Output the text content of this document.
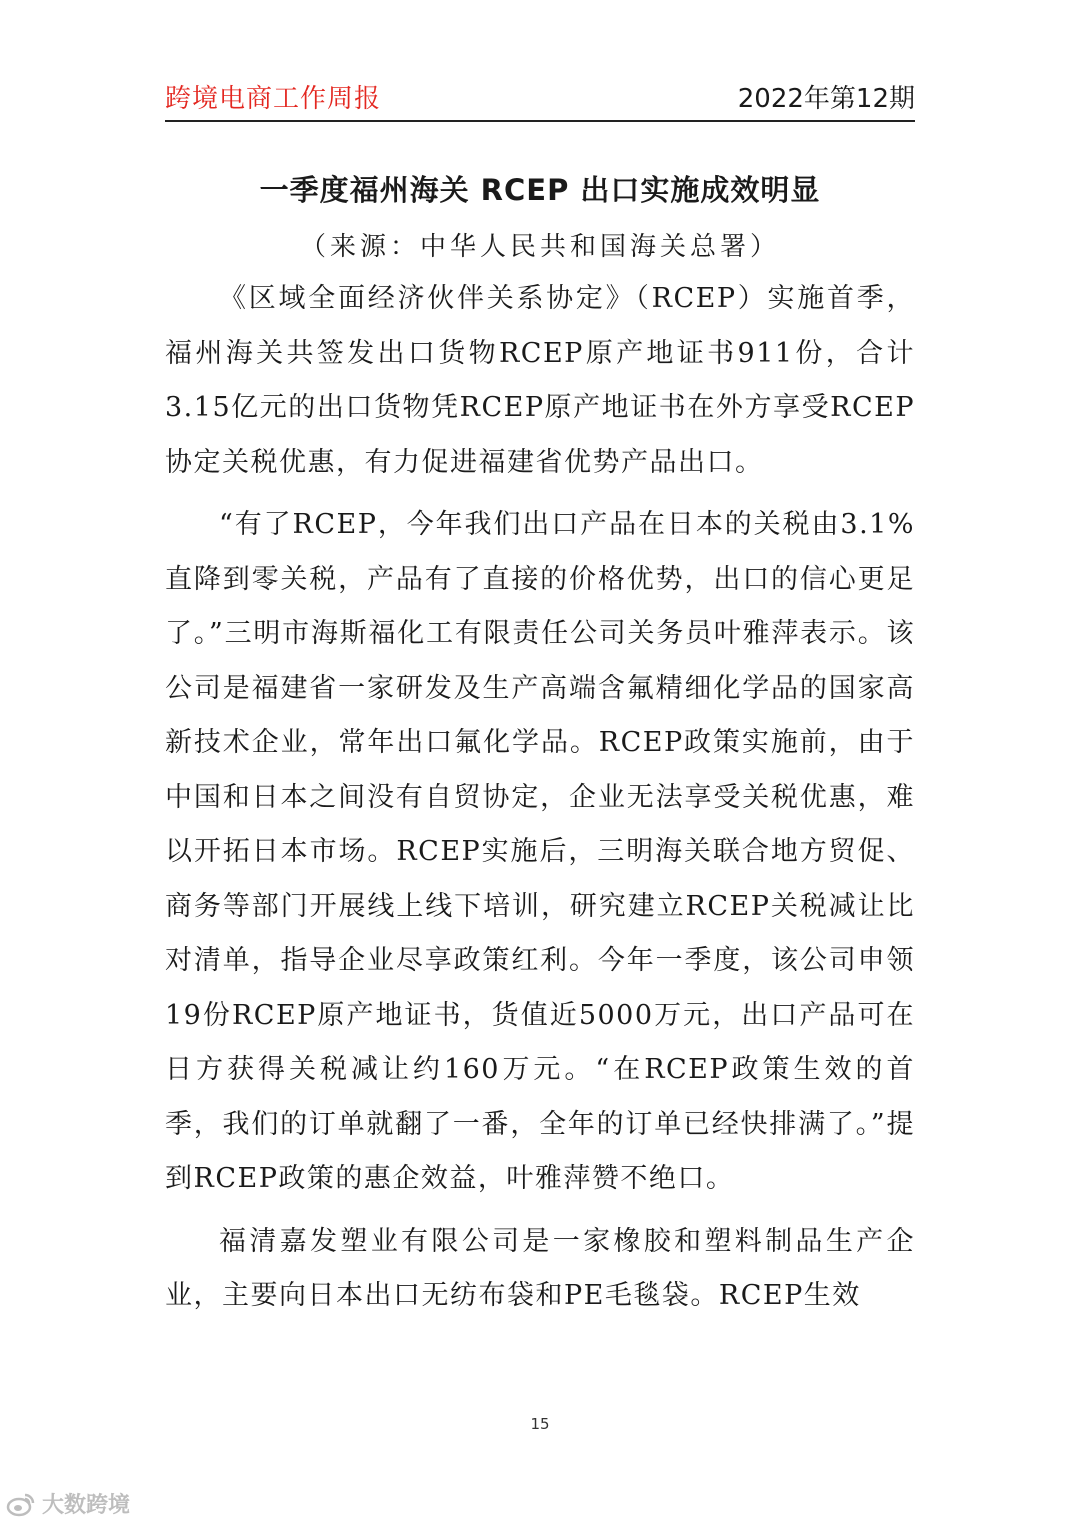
跨境电商工作周报	2022年第12期
一季度福州海关 RCEP 出口实施成效明显
（来源：中华人民共和国海关总署）

《区域全面经济伙伴关系协定》（RCEP）实施首季，福州海关共签发出口货物RCEP原产地证书911份，合计3.15亿元的出口货物凭RCEP原产地证书在外方享受RCEP协定关税优惠，有力促进福建省优势产品出口。

“有了RCEP，今年我们出口产品在日本的关税由3.1%直降到零关税，产品有了直接的价格优势，出口的信心更足了。”三明市海斯福化工有限责任公司关务员叶雅萍表示。该公司是福建省一家研发及生产高端含氟精细化学品的国家高新技术企业，常年出口氟化学品。RCEP政策实施前，由于中国和日本之间没有自贸协定，企业无法享受关税优惠，难以开拓日本市场。RCEP实施后，三明海关联合地方贸促、商务等部门开展线上线下培训，研究建立RCEP关税减让比对清单，指导企业尽享政策红利。今年一季度，该公司申领19份RCEP原产地证书，货值近5000万元，出口产品可在日方获得关税减让约160万元。“在RCEP政策生效的首季，我们的订单就翻了一番，全年的订单已经快排满了。”提到RCEP政策的惠企效益，叶雅萍赞不绝口。

福清嘉发塑业有限公司是一家橡胶和塑料制品生产企业，主要向日本出口无纺布袋和PE毛毯袋。RCEP生效

15
大数跨境
